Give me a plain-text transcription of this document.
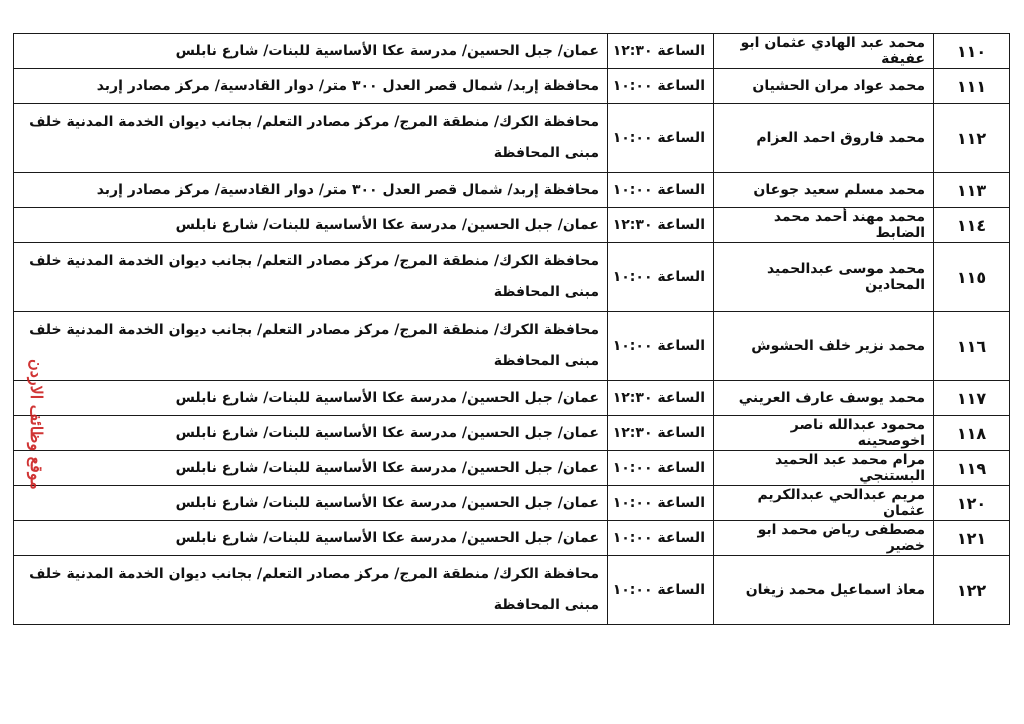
١١٠	محمد عبد الهادي عثمان ابو عفيفة	الساعة ١٢:٣٠	عمان/ جبل الحسين/ مدرسة عكا الأساسية للبنات/ شارع نابلس
١١١	محمد عواد مران الحشيان	الساعة ١٠:٠٠	محافظة إربد/ شمال قصر العدل ٣٠٠ متر/ دوار القادسية/ مركز مصادر إربد
١١٢	محمد فاروق احمد العزام	الساعة ١٠:٠٠	محافظة الكرك/ منطقة المرج/ مركز مصادر التعلم/ بجانب ديوان الخدمة المدنية خلف مبنى المحافظة
١١٣	محمد مسلم سعيد جوعان	الساعة ١٠:٠٠	محافظة إربد/ شمال قصر العدل ٣٠٠ متر/ دوار القادسية/ مركز مصادر إربد
١١٤	محمد مهند أحمد محمد الضابط	الساعة ١٢:٣٠	عمان/ جبل الحسين/ مدرسة عكا الأساسية للبنات/ شارع نابلس
١١٥	محمد موسى عبدالحميد المحادين	الساعة ١٠:٠٠	محافظة الكرك/ منطقة المرج/ مركز مصادر التعلم/ بجانب ديوان الخدمة المدنية خلف مبنى المحافظة
١١٦	محمد نزير خلف الحشوش	الساعة ١٠:٠٠	محافظة الكرك/ منطقة المرج/ مركز مصادر التعلم/ بجانب ديوان الخدمة المدنية خلف مبنى المحافظة
١١٧	محمد يوسف عارف العريني	الساعة ١٢:٣٠	عمان/ جبل الحسين/ مدرسة عكا الأساسية للبنات/ شارع نابلس
١١٨	محمود عبدالله ناصر اخوصحينه	الساعة ١٢:٣٠	عمان/ جبل الحسين/ مدرسة عكا الأساسية للبنات/ شارع نابلس
١١٩	مرام محمد عبد الحميد البستنجي	الساعة ١٠:٠٠	عمان/ جبل الحسين/ مدرسة عكا الأساسية للبنات/ شارع نابلس
١٢٠	مريم عبدالحي عبدالكريم عثمان	الساعة ١٠:٠٠	عمان/ جبل الحسين/ مدرسة عكا الأساسية للبنات/ شارع نابلس
١٢١	مصطفى رياض محمد ابو خضير	الساعة ١٠:٠٠	عمان/ جبل الحسين/ مدرسة عكا الأساسية للبنات/ شارع نابلس
١٢٢	معاذ اسماعيل محمد زيغان	الساعة ١٠:٠٠	محافظة الكرك/ منطقة المرج/ مركز مصادر التعلم/ بجانب ديوان الخدمة المدنية خلف مبنى المحافظة
موقع وظائف الاردن
